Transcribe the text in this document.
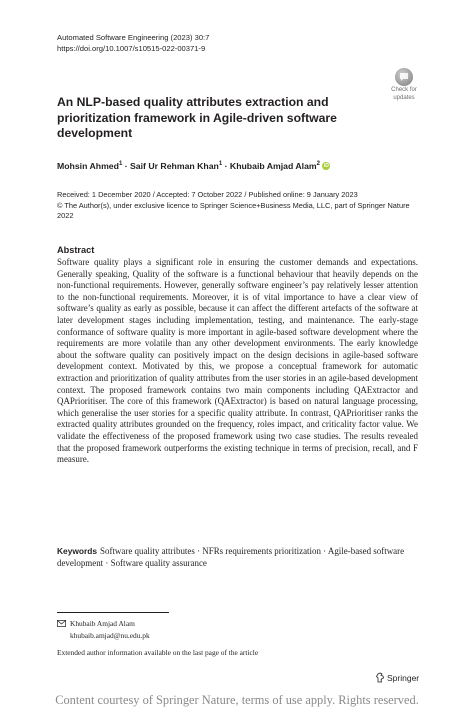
Automated Software Engineering (2023) 30:7
https://doi.org/10.1007/s10515-022-00371-9
Check for
updates
An NLP-based quality attributes extraction and prioritization framework in Agile-driven software development
Mohsin Ahmed$^1$ · Saif Ur Rehman Khan$^1$ · Khubaib Amjad Alam$^2$ iD
Received: 1 December 2020 / Accepted: 7 October 2022 / Published online: 9 January 2023
© The Author(s), under exclusive licence to Springer Science+Business Media, LLC, part of Springer Nature 2022
Abstract

Software quality plays a significant role in ensuring the customer demands and expectations. Generally speaking, Quality of the software is a functional behaviour that heavily depends on the non-functional requirements. However, generally software engineer’s pay relatively lesser attention to the non-functional requirements. Moreover, it is of vital importance to have a clear view of software’s quality as early as possible, because it can affect the different artefacts of the software at later development stages including implementation, testing, and maintenance. The early-stage conformance of software quality is more important in agile-based software development where the requirements are more volatile than any other development environments. The early knowledge about the software quality can positively impact on the design decisions in agile-based software development context. Motivated by this, we propose a conceptual framework for automatic extraction and prioritization of quality attributes from the user stories in an agile-based development context. The proposed framework contains two main components including QAExtractor and QAPrioritiser. The core of this framework (QAExtractor) is based on natural language processing, which generalise the user stories for a specific quality attribute. In contrast, QAPrioritiser ranks the extracted quality attributes grounded on the frequency, roles impact, and criticality factor value. We validate the effectiveness of the proposed framework using two case studies. The results revealed that the proposed framework outperforms the existing technique in terms of precision, recall, and F measure.

Keywords Software quality attributes · NFRs requirements prioritization · Agile-based software development · Software quality assurance
Khubaib Amjad Alam
khubaib.amjad@nu.edu.pk
Extended author information available on the last page of the article
Springer
Content courtesy of Springer Nature, terms of use apply. Rights reserved.
